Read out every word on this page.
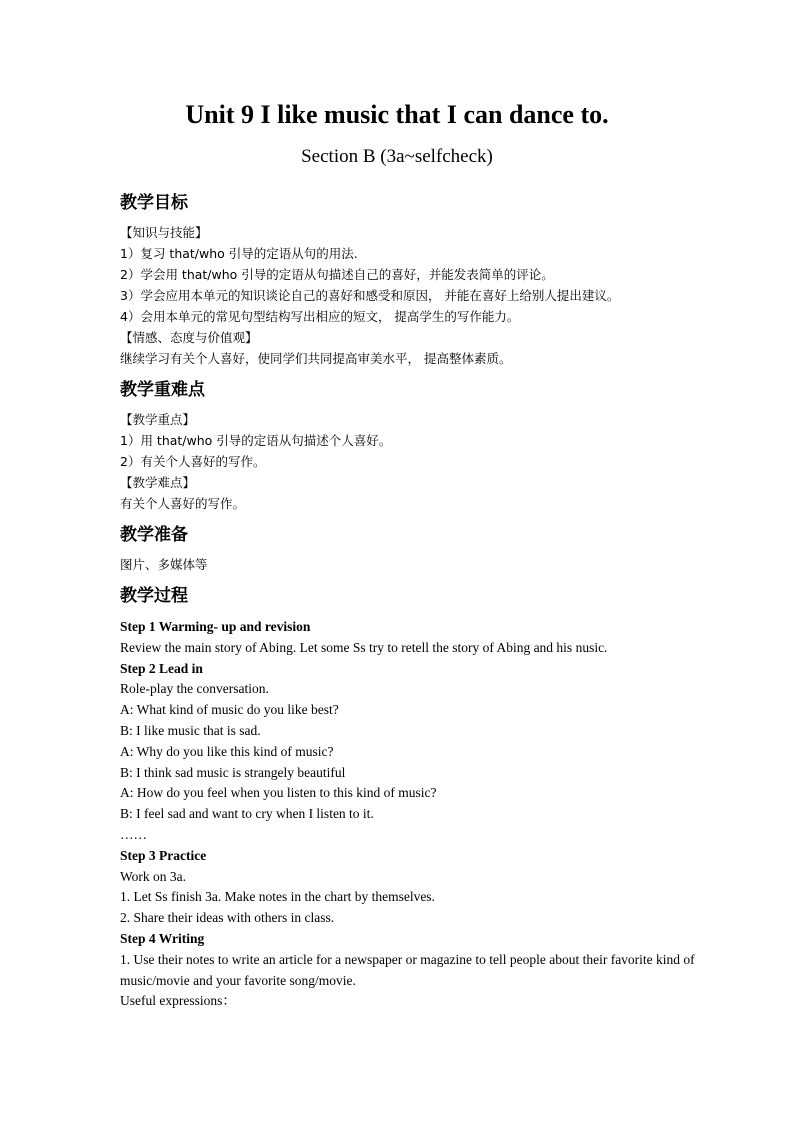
Unit 9 I like music that I can dance to.
Section B (3a~selfcheck)
教学目标
【知识与技能】
1）复习 that/who 引导的定语从句的用法.
2）学会用 that/who 引导的定语从句描述自己的喜好，并能发表简单的评论。
3）学会应用本单元的知识谈论自己的喜好和感受和原因， 并能在喜好上给别人提出建议。
4）会用本单元的常见句型结构写出相应的短文， 提高学生的写作能力。
【情感、态度与价值观】
继续学习有关个人喜好，使同学们共同提高审美水平， 提高整体素质。
教学重难点
【教学重点】
1）用 that/who 引导的定语从句描述个人喜好。
2）有关个人喜好的写作。
【教学难点】
有关个人喜好的写作。
教学准备
图片、多媒体等
教学过程
Step 1 Warming- up and revision
Review the main story of Abing. Let some Ss try to retell the story of Abing and his nusic.
Step 2 Lead in
Role-play the conversation.
A: What kind of music do you like best?
B: I like music that is sad.
A: Why do you like this kind of music?
B: I think sad music is strangely beautiful
A: How do you feel when you listen to this kind of music?
B: I feel sad and want to cry when I listen to it.
……
Step 3 Practice
Work on 3a.
1. Let Ss finish 3a. Make notes in the chart by themselves.
2. Share their ideas with others in class.
Step 4 Writing
1. Use their notes to write an article for a newspaper or magazine to tell people about their favorite kind of music/movie and your favorite song/movie.
Useful expressions：
